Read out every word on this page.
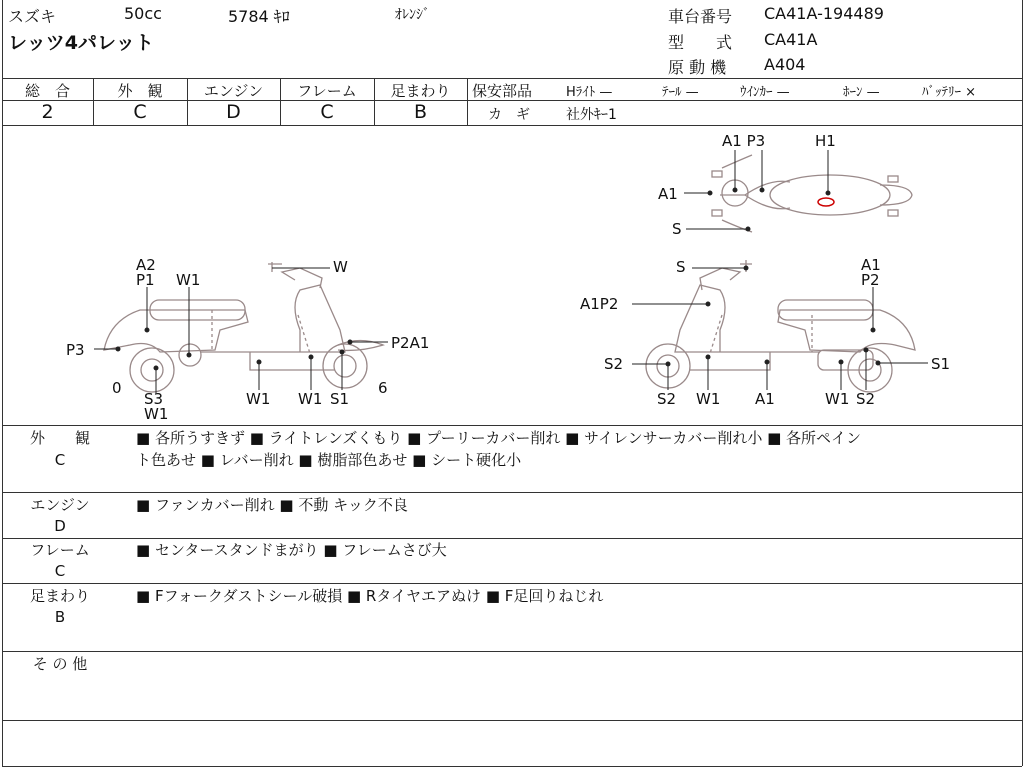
スズキ	50cc	5784 ｷﾛ	ｵﾚﾝｼﾞ
レッツ4パレット
車台番号 CA41A-194489
型　　式 CA41A
原 動 機 A404
総　合	外　観	エンジン	フレーム	足まわり
2	C	D	C	B
保安部品	Hﾗｲﾄ —	ﾃｰﾙ —	ｳｲﾝｶｰ —	ﾎｰﾝ —	ﾊﾞｯﾃﾘｰ ×
カ　ギ	社外ｷｰ1
A2
P1 W1
W
P3	P2A1
0
S3
W1
W1 W1 S1
6
S	A1
P2
A1P2
S2	S1
S2 W1 A1	W1 S2
A1 P3	H1
A1
S
外　　観
C
■ 各所うすきず ■ ライトレンズくもり ■ プーリーカバー削れ ■ サイレンサーカバー削れ小 ■ 各所ペイン
ト色あせ ■ レバー削れ ■ 樹脂部色あせ ■ シート硬化小
エンジン
D
■ ファンカバー削れ ■ 不動 キック不良
フレーム
C
■ センタースタンドまがり ■ フレームさび大
足まわり
B
■ Fフォークダストシール破損 ■ Rタイヤエアぬけ ■ F足回りねじれ
そ の 他
